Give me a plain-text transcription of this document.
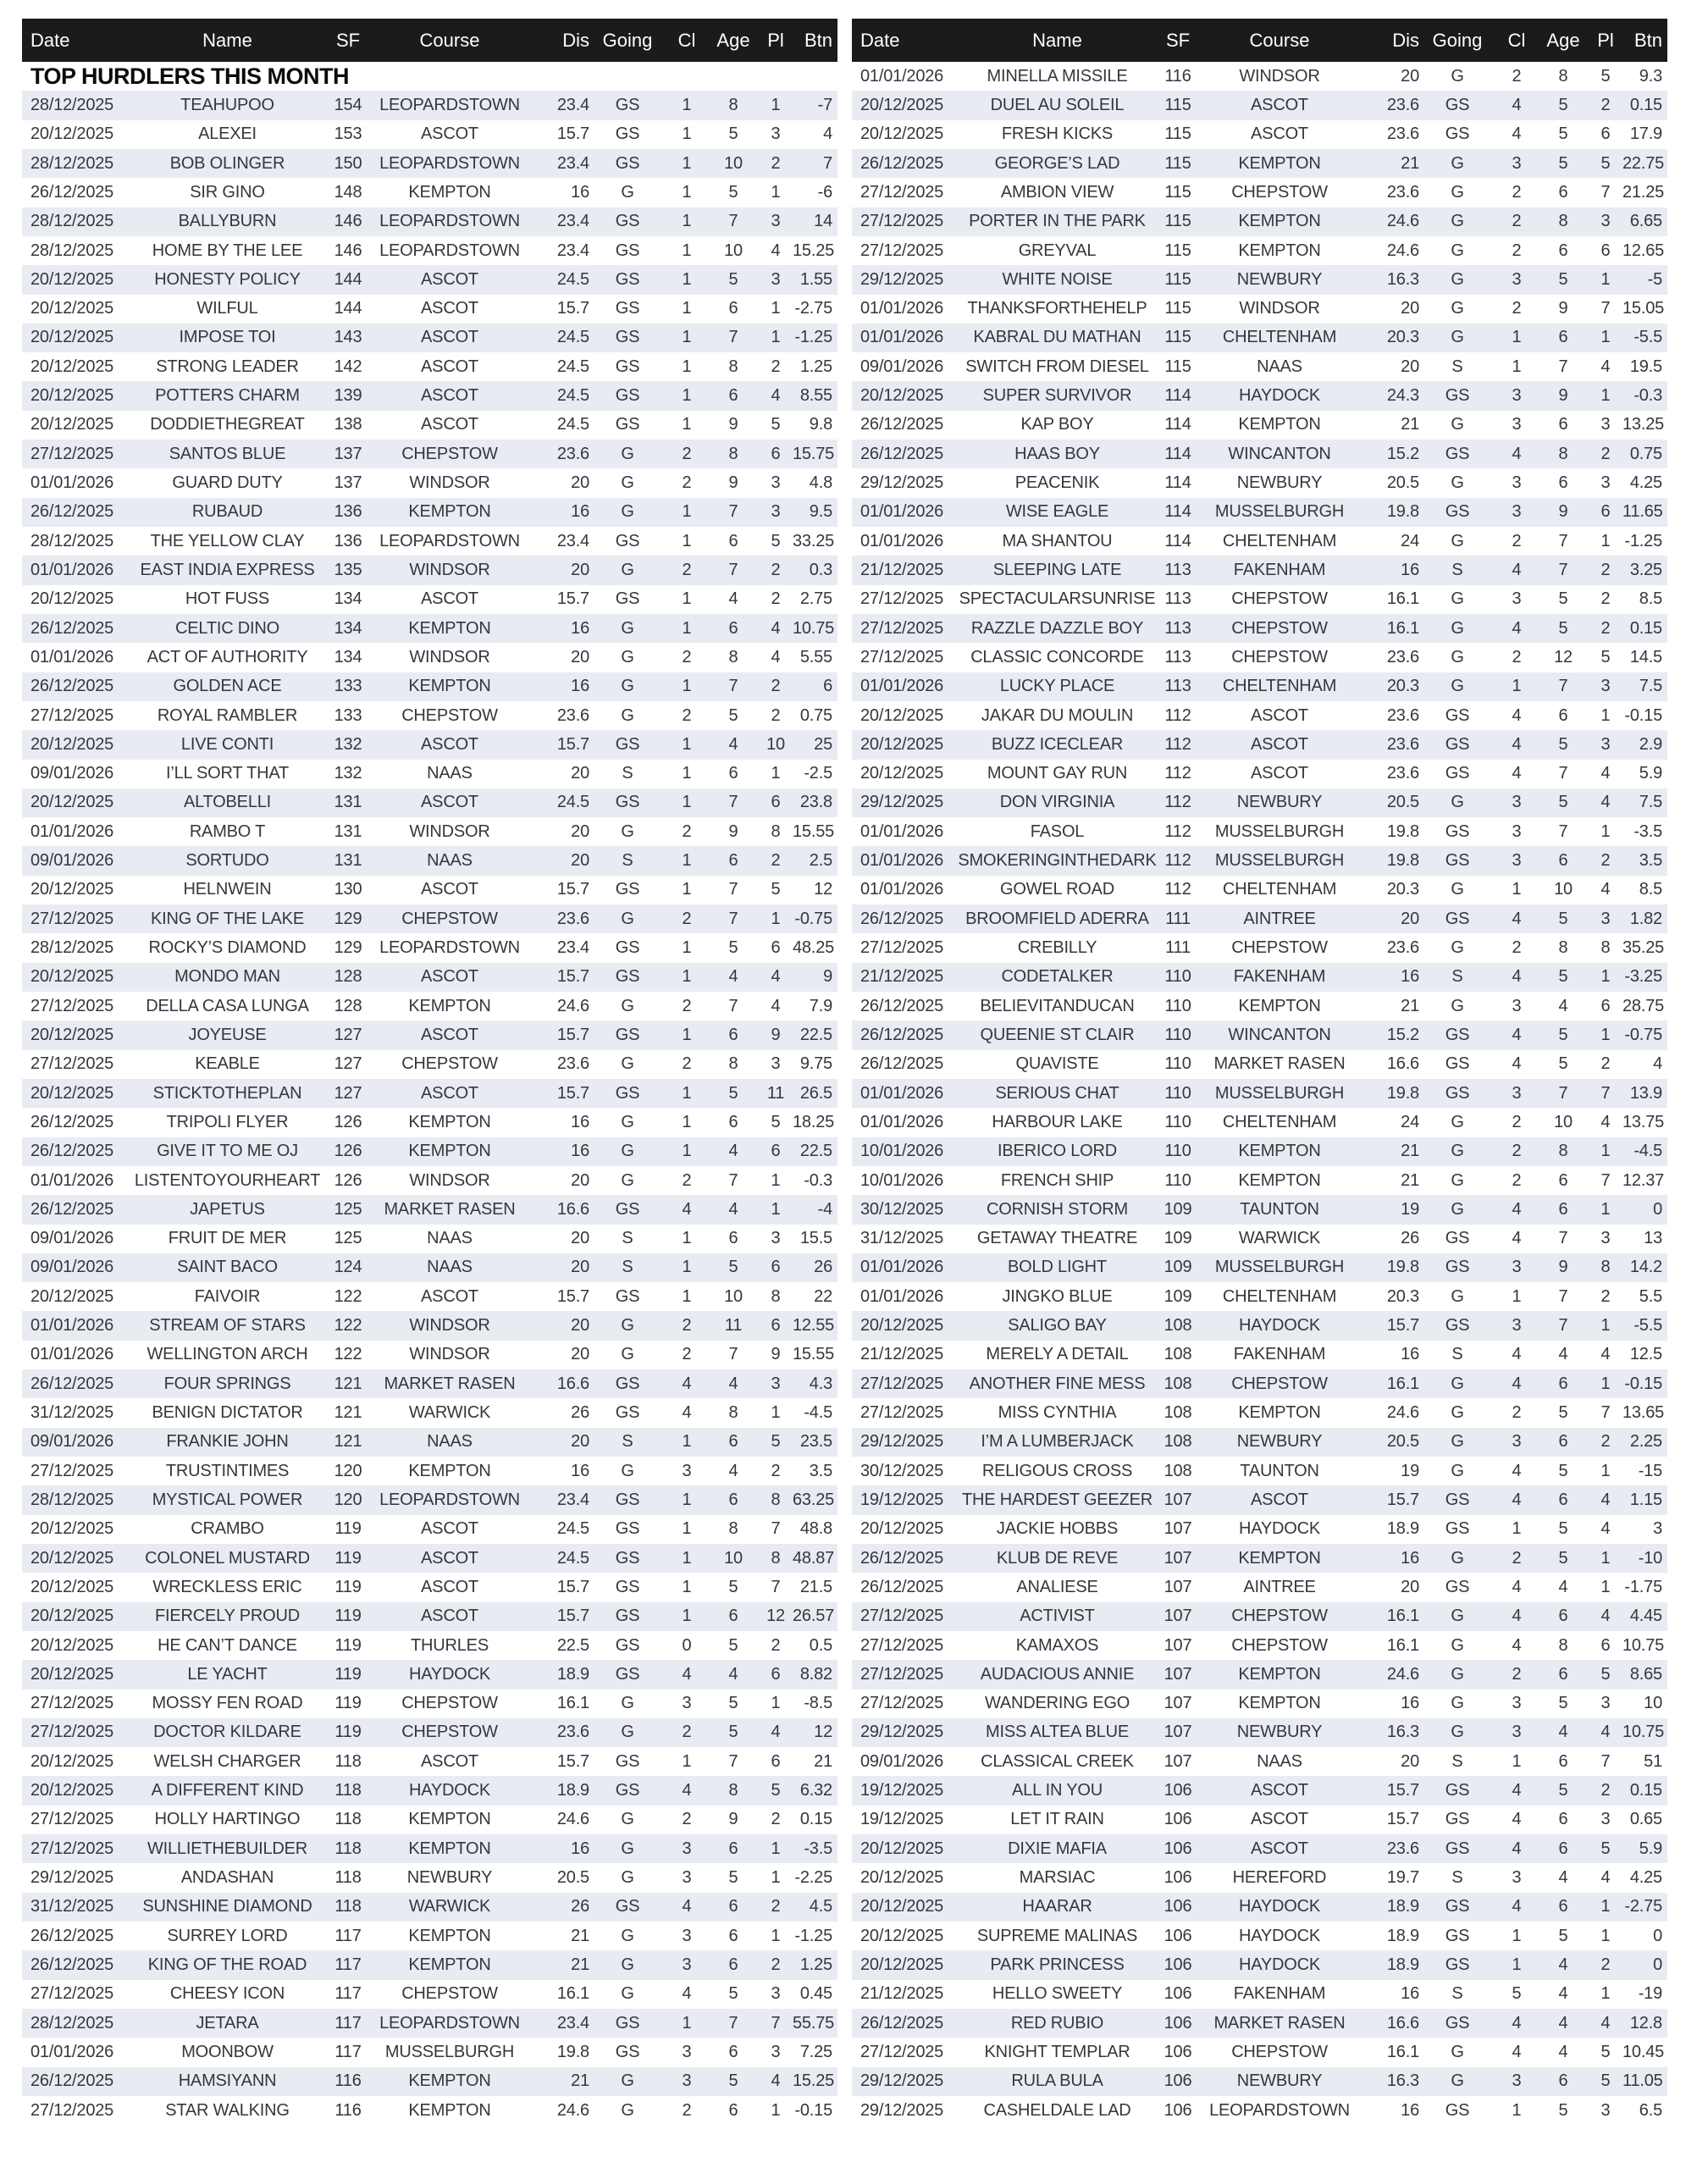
Date	Name	SF	Course	Dis Going	Cl	Age Pl	Btn
TOP HURDLERS THIS MONTH
28/12/2025	TEAHUPOO	154	LEOPARDSTOWN	23.4	GS	1	8	1	-7
20/12/2025	ALEXEI	153	ASCOT	15.7	GS	1	5	3	4
28/12/2025	BOB OLINGER	150	LEOPARDSTOWN	23.4	GS	1	10	2	7
26/12/2025	SIR GINO	148	KEMPTON	16	G	1	5	1	-6
28/12/2025	BALLYBURN	146	LEOPARDSTOWN	23.4	GS	1	7	3	14
28/12/2025	HOME BY THE LEE	146	LEOPARDSTOWN	23.4	GS	1	10	4 15.25
20/12/2025	HONESTY POLICY	144	ASCOT	24.5	GS	1	5	3	1.55
20/12/2025	WILFUL	144	ASCOT	15.7	GS	1	6	1 -2.75
20/12/2025	IMPOSE TOI	143	ASCOT	24.5	GS	1	7	1 -1.25
20/12/2025	STRONG LEADER	142	ASCOT	24.5	GS	1	8	2	1.25
20/12/2025	POTTERS CHARM	139	ASCOT	24.5	GS	1	6	4	8.55
20/12/2025	DODDIETHEGREAT	138	ASCOT	24.5	GS	1	9	5	9.8
27/12/2025	SANTOS BLUE	137	CHEPSTOW	23.6	G	2	8	6 15.75
01/01/2026	GUARD DUTY	137	WINDSOR	20	G	2	9	3	4.8
26/12/2025	RUBAUD	136	KEMPTON	16	G	1	7	3	9.5
28/12/2025	THE YELLOW CLAY	136	LEOPARDSTOWN	23.4	GS	1	6	5 33.25
01/01/2026	EAST INDIA EXPRESS	135	WINDSOR	20	G	2	7	2	0.3
20/12/2025	HOT FUSS	134	ASCOT	15.7	GS	1	4	2	2.75
26/12/2025	CELTIC DINO	134	KEMPTON	16	G	1	6	4 10.75
01/01/2026	ACT OF AUTHORITY	134	WINDSOR	20	G	2	8	4	5.55
26/12/2025	GOLDEN ACE	133	KEMPTON	16	G	1	7	2	6
27/12/2025	ROYAL RAMBLER	133	CHEPSTOW	23.6	G	2	5	2	0.75
20/12/2025	LIVE CONTI	132	ASCOT	15.7	GS	1	4	10	25
09/01/2026	I’LL SORT THAT	132	NAAS	20	S	1	6	1	-2.5
20/12/2025	ALTOBELLI	131	ASCOT	24.5	GS	1	7	6	23.8
01/01/2026	RAMBO T	131	WINDSOR	20	G	2	9	8 15.55
09/01/2026	SORTUDO	131	NAAS	20	S	1	6	2	2.5
20/12/2025	HELNWEIN	130	ASCOT	15.7	GS	1	7	5	12
27/12/2025	KING OF THE LAKE	129	CHEPSTOW	23.6	G	2	7	1 -0.75
28/12/2025	ROCKY’S DIAMOND	129	LEOPARDSTOWN	23.4	GS	1	5	6 48.25
20/12/2025	MONDO MAN	128	ASCOT	15.7	GS	1	4	4	9
27/12/2025	DELLA CASA LUNGA	128	KEMPTON	24.6	G	2	7	4	7.9
20/12/2025	JOYEUSE	127	ASCOT	15.7	GS	1	6	9	22.5
27/12/2025	KEABLE	127	CHEPSTOW	23.6	G	2	8	3	9.75
20/12/2025	STICKTOTHEPLAN	127	ASCOT	15.7	GS	1	5	11 26.5
26/12/2025	TRIPOLI FLYER	126	KEMPTON	16	G	1	6	5 18.25
26/12/2025	GIVE IT TO ME OJ	126	KEMPTON	16	G	1	4	6	22.5
01/01/2026	LISTENTOYOURHEART 126	WINDSOR	20	G	2	7	1	-0.3
26/12/2025	JAPETUS	125	MARKET RASEN	16.6	GS	4	4	1	-4
09/01/2026	FRUIT DE MER	125	NAAS	20	S	1	6	3	15.5
09/01/2026	SAINT BACO	124	NAAS	20	S	1	5	6	26
20/12/2025	FAIVOIR	122	ASCOT	15.7	GS	1	10	8	22
01/01/2026	STREAM OF STARS	122	WINDSOR	20	G	2	11	6 12.55
01/01/2026	WELLINGTON ARCH	122	WINDSOR	20	G	2	7	9 15.55
26/12/2025	FOUR SPRINGS	121	MARKET RASEN	16.6	GS	4	4	3	4.3
31/12/2025	BENIGN DICTATOR	121	WARWICK	26	GS	4	8	1	-4.5
09/01/2026	FRANKIE JOHN	121	NAAS	20	S	1	6	5	23.5
27/12/2025	TRUSTINTIMES	120	KEMPTON	16	G	3	4	2	3.5
28/12/2025	MYSTICAL POWER	120	LEOPARDSTOWN	23.4	GS	1	6	8 63.25
20/12/2025	CRAMBO	119	ASCOT	24.5	GS	1	8	7	48.8
20/12/2025	COLONEL MUSTARD	119	ASCOT	24.5	GS	1	10	8 48.87
20/12/2025	WRECKLESS ERIC	119	ASCOT	15.7	GS	1	5	7	21.5
20/12/2025	FIERCELY PROUD	119	ASCOT	15.7	GS	1	6	12 26.57
20/12/2025	HE CAN’T DANCE	119	THURLES	22.5	GS	0	5	2	0.5
20/12/2025	LE YACHT	119	HAYDOCK	18.9	GS	4	4	6	8.82
27/12/2025	MOSSY FEN ROAD	119	CHEPSTOW	16.1	G	3	5	1	-8.5
27/12/2025	DOCTOR KILDARE	119	CHEPSTOW	23.6	G	2	5	4	12
20/12/2025	WELSH CHARGER	118	ASCOT	15.7	GS	1	7	6	21
20/12/2025	A DIFFERENT KIND	118	HAYDOCK	18.9	GS	4	8	5	6.32
27/12/2025	HOLLY HARTINGO	118	KEMPTON	24.6	G	2	9	2	0.15
27/12/2025	WILLIETHEBUILDER	118	KEMPTON	16	G	3	6	1	-3.5
29/12/2025	ANDASHAN	118	NEWBURY	20.5	G	3	5	1 -2.25
31/12/2025	SUNSHINE DIAMOND	118	WARWICK	26	GS	4	6	2	4.5
26/12/2025	SURREY LORD	117	KEMPTON	21	G	3	6	1 -1.25
26/12/2025	KING OF THE ROAD	117	KEMPTON	21	G	3	6	2	1.25
27/12/2025	CHEESY ICON	117	CHEPSTOW	16.1	G	4	5	3	0.45
28/12/2025	JETARA	117	LEOPARDSTOWN	23.4	GS	1	7	7 55.75
01/01/2026	MOONBOW	117	MUSSELBURGH	19.8	GS	3	6	3	7.25
26/12/2025	HAMSIYANN	116	KEMPTON	21	G	3	5	4 15.25
27/12/2025	STAR WALKING	116	KEMPTON	24.6	G	2	6	1 -0.15
Date	Name	SF	Course	Dis Going	Cl	Age Pl	Btn
01/01/2026	MINELLA MISSILE	116	WINDSOR	20	G	2	8	5	9.3
20/12/2025	DUEL AU SOLEIL	115	ASCOT	23.6	GS	4	5	2	0.15
20/12/2025	FRESH KICKS	115	ASCOT	23.6	GS	4	5	6	17.9
26/12/2025	GEORGE’S LAD	115	KEMPTON	21	G	3	5	5 22.75
27/12/2025	AMBION VIEW	115	CHEPSTOW	23.6	G	2	6	7 21.25
27/12/2025	PORTER IN THE PARK	115	KEMPTON	24.6	G	2	8	3	6.65
27/12/2025	GREYVAL	115	KEMPTON	24.6	G	2	6	6 12.65
29/12/2025	WHITE NOISE	115	NEWBURY	16.3	G	3	5	1	-5
01/01/2026	THANKSFORTHEHELP	115	WINDSOR	20	G	2	9	7 15.05
01/01/2026	KABRAL DU MATHAN	115	CHELTENHAM	20.3	G	1	6	1	-5.5
09/01/2026	SWITCH FROM DIESEL 115	NAAS	20	S	1	7	4	19.5
20/12/2025	SUPER SURVIVOR	114	HAYDOCK	24.3	GS	3	9	1	-0.3
26/12/2025	KAP BOY	114	KEMPTON	21	G	3	6	3 13.25
26/12/2025	HAAS BOY	114	WINCANTON	15.2	GS	4	8	2	0.75
29/12/2025	PEACENIK	114	NEWBURY	20.5	G	3	6	3	4.25
01/01/2026	WISE EAGLE	114	MUSSELBURGH	19.8	GS	3	9	6 11.65
01/01/2026	MA SHANTOU	114	CHELTENHAM	24	G	2	7	1 -1.25
21/12/2025	SLEEPING LATE	113	FAKENHAM	16	S	4	7	2	3.25
27/12/2025 SPECTACULARSUNRISE 113	CHEPSTOW	16.1	G	3	5	2	8.5
27/12/2025	RAZZLE DAZZLE BOY	113	CHEPSTOW	16.1	G	4	5	2	0.15
27/12/2025	CLASSIC CONCORDE	113	CHEPSTOW	23.6	G	2	12	5	14.5
01/01/2026	LUCKY PLACE	113	CHELTENHAM	20.3	G	1	7	3	7.5
20/12/2025	JAKAR DU MOULIN	112	ASCOT	23.6	GS	4	6	1 -0.15
20/12/2025	BUZZ ICECLEAR	112	ASCOT	23.6	GS	4	5	3	2.9
20/12/2025	MOUNT GAY RUN	112	ASCOT	23.6	GS	4	7	4	5.9
29/12/2025	DON VIRGINIA	112	NEWBURY	20.5	G	3	5	4	7.5
01/01/2026	FASOL	112	MUSSELBURGH	19.8	GS	3	7	1	-3.5
01/01/2026 SMOKERINGINTHEDARK 112	MUSSELBURGH	19.8	GS	3	6	2	3.5
01/01/2026	GOWEL ROAD	112	CHELTENHAM	20.3	G	1	10	4	8.5
26/12/2025	BROOMFIELD ADERRA 111	AINTREE	20	GS	4	5	3	1.82
27/12/2025	CREBILLY	111	CHEPSTOW	23.6	G	2	8	8 35.25
21/12/2025	CODETALKER	110	FAKENHAM	16	S	4	5	1 -3.25
26/12/2025	BELIEVITANDUCAN	110	KEMPTON	21	G	3	4	6 28.75
26/12/2025	QUEENIE ST CLAIR	110	WINCANTON	15.2	GS	4	5	1 -0.75
26/12/2025	QUAVISTE	110	MARKET RASEN	16.6	GS	4	5	2	4
01/01/2026	SERIOUS CHAT	110	MUSSELBURGH	19.8	GS	3	7	7	13.9
01/01/2026	HARBOUR LAKE	110	CHELTENHAM	24	G	2	10	4 13.75
10/01/2026	IBERICO LORD	110	KEMPTON	21	G	2	8	1	-4.5
10/01/2026	FRENCH SHIP	110	KEMPTON	21	G	2	6	7 12.37
30/12/2025	CORNISH STORM	109	TAUNTON	19	G	4	6	1	0
31/12/2025	GETAWAY THEATRE	109	WARWICK	26	GS	4	7	3	13
01/01/2026	BOLD LIGHT	109	MUSSELBURGH	19.8	GS	3	9	8	14.2
01/01/2026	JINGKO BLUE	109	CHELTENHAM	20.3	G	1	7	2	5.5
20/12/2025	SALIGO BAY	108	HAYDOCK	15.7	GS	3	7	1	-5.5
21/12/2025	MERELY A DETAIL	108	FAKENHAM	16	S	4	4	4	12.5
27/12/2025	ANOTHER FINE MESS	108	CHEPSTOW	16.1	G	4	6	1 -0.15
27/12/2025	MISS CYNTHIA	108	KEMPTON	24.6	G	2	5	7 13.65
29/12/2025	I’M A LUMBERJACK	108	NEWBURY	20.5	G	3	6	2	2.25
30/12/2025	RELIGOUS CROSS	108	TAUNTON	19	G	4	5	1	-15
19/12/2025	THE HARDEST GEEZER 107	ASCOT	15.7	GS	4	6	4	1.15
20/12/2025	JACKIE HOBBS	107	HAYDOCK	18.9	GS	1	5	4	3
26/12/2025	KLUB DE REVE	107	KEMPTON	16	G	2	5	1	-10
26/12/2025	ANALIESE	107	AINTREE	20	GS	4	4	1 -1.75
27/12/2025	ACTIVIST	107	CHEPSTOW	16.1	G	4	6	4	4.45
27/12/2025	KAMAXOS	107	CHEPSTOW	16.1	G	4	8	6 10.75
27/12/2025	AUDACIOUS ANNIE	107	KEMPTON	24.6	G	2	6	5	8.65
27/12/2025	WANDERING EGO	107	KEMPTON	16	G	3	5	3	10
29/12/2025	MISS ALTEA BLUE	107	NEWBURY	16.3	G	3	4	4 10.75
09/01/2026	CLASSICAL CREEK	107	NAAS	20	S	1	6	7	51
19/12/2025	ALL IN YOU	106	ASCOT	15.7	GS	4	5	2	0.15
19/12/2025	LET IT RAIN	106	ASCOT	15.7	GS	4	6	3	0.65
20/12/2025	DIXIE MAFIA	106	ASCOT	23.6	GS	4	6	5	5.9
20/12/2025	MARSIAC	106	HEREFORD	19.7	S	3	4	4	4.25
20/12/2025	HAARAR	106	HAYDOCK	18.9	GS	4	6	1 -2.75
20/12/2025	SUPREME MALINAS	106	HAYDOCK	18.9	GS	1	5	1	0
20/12/2025	PARK PRINCESS	106	HAYDOCK	18.9	GS	1	4	2	0
21/12/2025	HELLO SWEETY	106	FAKENHAM	16	S	5	4	1	-19
26/12/2025	RED RUBIO	106	MARKET RASEN	16.6	GS	4	4	4	12.8
27/12/2025	KNIGHT TEMPLAR	106	CHEPSTOW	16.1	G	4	4	5 10.45
29/12/2025	RULA BULA	106	NEWBURY	16.3	G	3	6	5 11.05
29/12/2025	CASHELDALE LAD	106	LEOPARDSTOWN	16	GS	1	5	3	6.5
